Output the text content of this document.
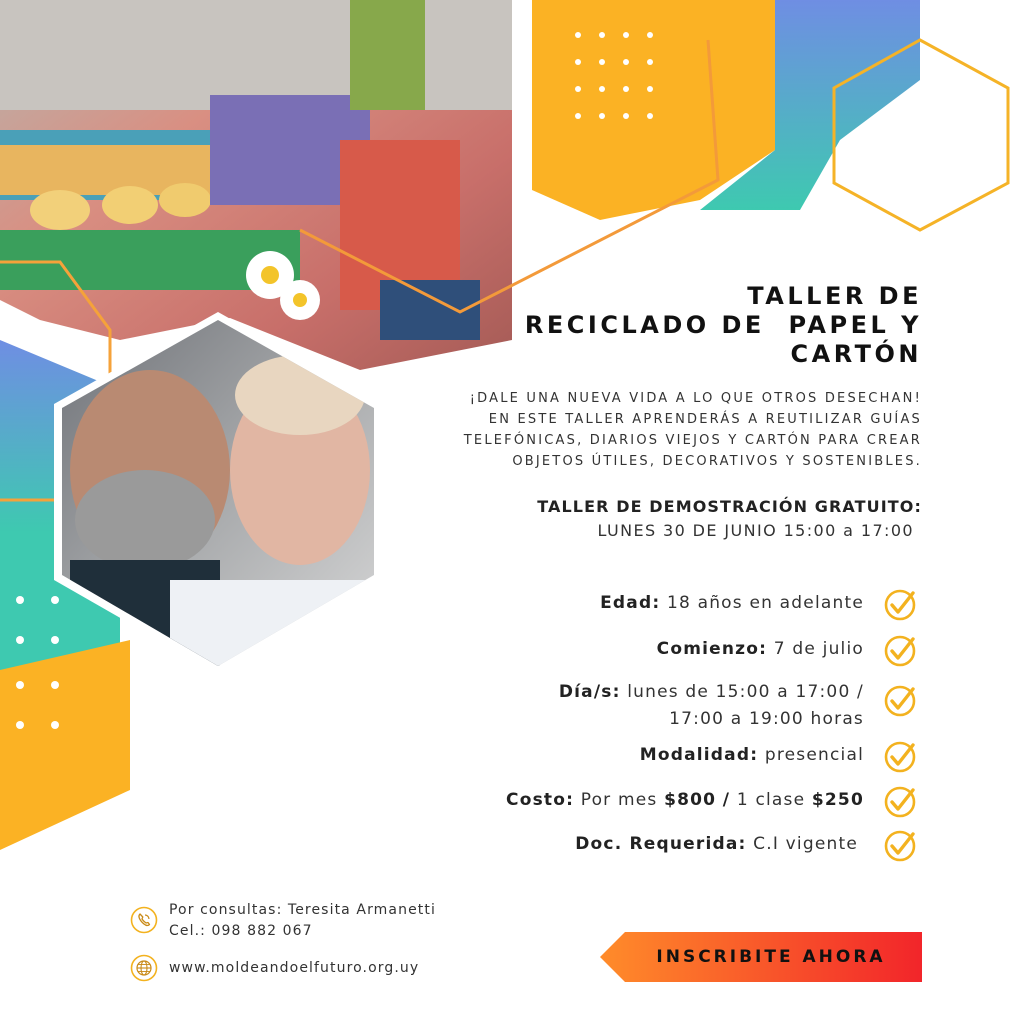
TALLER DE
RECICLADO DE  PAPEL Y
CARTÓN
¡DALE UNA NUEVA VIDA A LO QUE OTROS DESECHAN!
EN ESTE TALLER APRENDERÁS A REUTILIZAR GUÍAS
TELEFÓNICAS, DIARIOS VIEJOS Y CARTÓN PARA CREAR
OBJETOS ÚTILES, DECORATIVOS Y SOSTENIBLES.
TALLER DE DEMOSTRACIÓN GRATUITO:
LUNES 30 DE JUNIO 15:00 a 17:00
Edad: 18 años en adelante
Comienzo: 7 de julio
Día/s: lunes de 15:00 a 17:00 /
17:00 a 19:00 horas
Modalidad: presencial
Costo: Por mes $800 / 1 clase $250
Doc. Requerida: C.I vigente
Por consultas: Teresita Armanetti
Cel.: 098 882 067
www.moldeandoelfuturo.org.uy
INSCRIBITE AHORA
